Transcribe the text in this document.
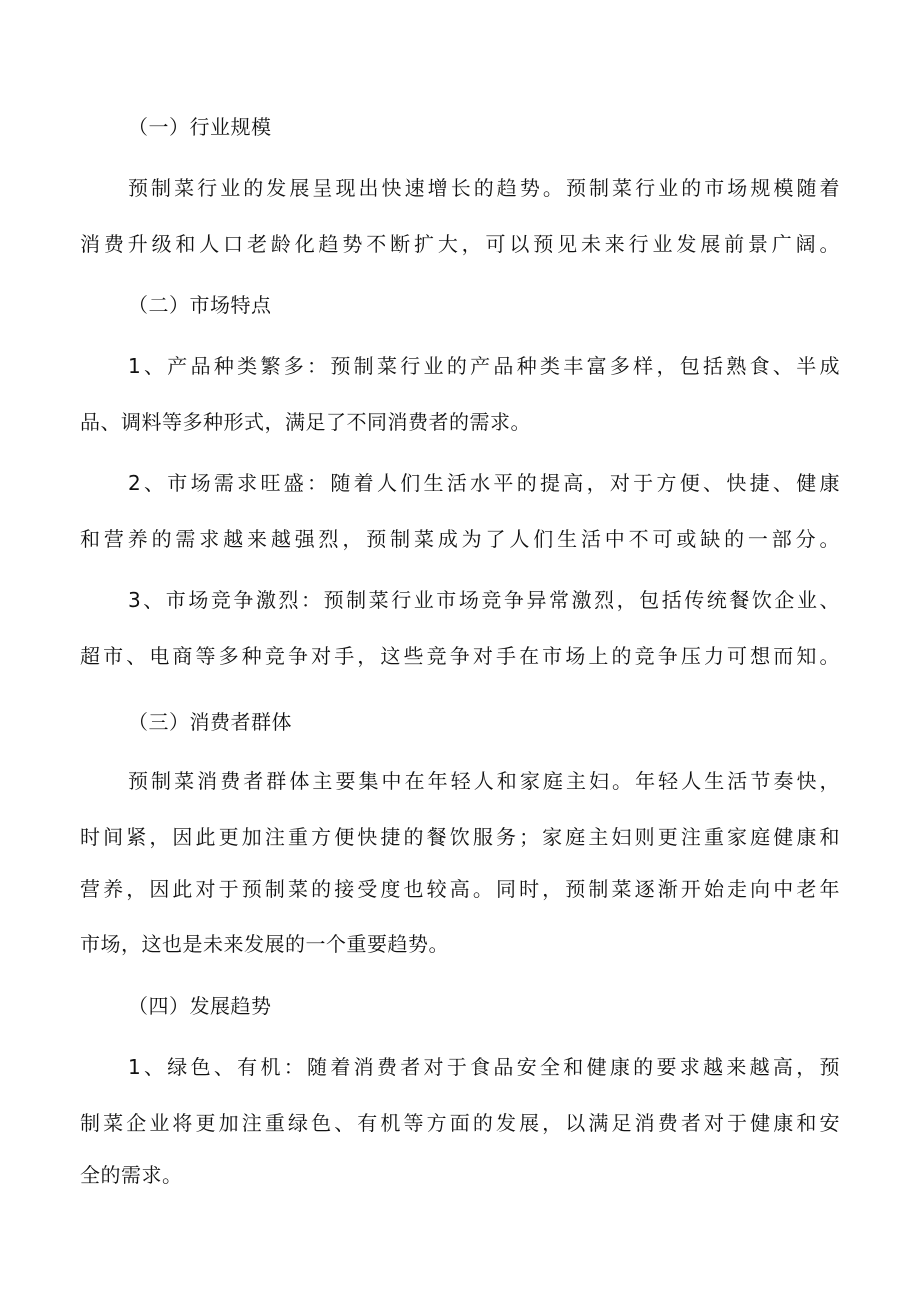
（一）行业规模
预制菜行业的发展呈现出快速增长的趋势。预制菜行业的市场规模随着
消费升级和人口老龄化趋势不断扩大，可以预见未来行业发展前景广阔。
（二）市场特点
1、产品种类繁多：预制菜行业的产品种类丰富多样，包括熟食、半成
品、调料等多种形式，满足了不同消费者的需求。
2、市场需求旺盛：随着人们生活水平的提高，对于方便、快捷、健康
和营养的需求越来越强烈，预制菜成为了人们生活中不可或缺的一部分。
3、市场竞争激烈：预制菜行业市场竞争异常激烈，包括传统餐饮企业、
超市、电商等多种竞争对手，这些竞争对手在市场上的竞争压力可想而知。
（三）消费者群体
预制菜消费者群体主要集中在年轻人和家庭主妇。年轻人生活节奏快，
时间紧，因此更加注重方便快捷的餐饮服务；家庭主妇则更注重家庭健康和
营养，因此对于预制菜的接受度也较高。同时，预制菜逐渐开始走向中老年
市场，这也是未来发展的一个重要趋势。
（四）发展趋势
1、绿色、有机：随着消费者对于食品安全和健康的要求越来越高，预
制菜企业将更加注重绿色、有机等方面的发展，以满足消费者对于健康和安
全的需求。
